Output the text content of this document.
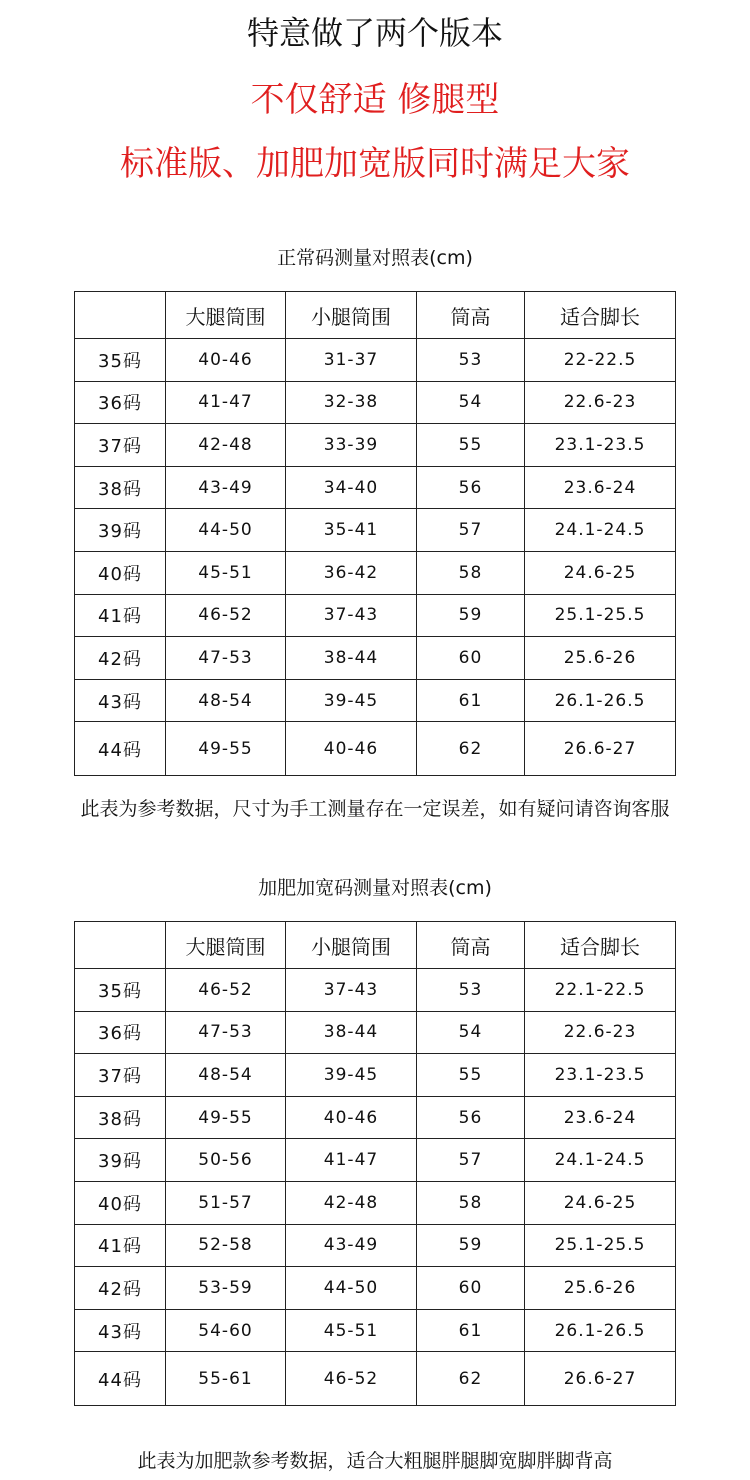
特意做了两个版本
不仅舒适 修腿型
标准版、加肥加宽版同时满足大家
正常码测量对照表(cm)
	大腿筒围	小腿筒围	筒高	适合脚长
35码	40-46	31-37	53	22-22.5
36码	41-47	32-38	54	22.6-23
37码	42-48	33-39	55	23.1-23.5
38码	43-49	34-40	56	23.6-24
39码	44-50	35-41	57	24.1-24.5
40码	45-51	36-42	58	24.6-25
41码	46-52	37-43	59	25.1-25.5
42码	47-53	38-44	60	25.6-26
43码	48-54	39-45	61	26.1-26.5
44码	49-55	40-46	62	26.6-27
此表为参考数据，尺寸为手工测量存在一定误差，如有疑问请咨询客服
加肥加宽码测量对照表(cm)
	大腿筒围	小腿筒围	筒高	适合脚长
35码	46-52	37-43	53	22.1-22.5
36码	47-53	38-44	54	22.6-23
37码	48-54	39-45	55	23.1-23.5
38码	49-55	40-46	56	23.6-24
39码	50-56	41-47	57	24.1-24.5
40码	51-57	42-48	58	24.6-25
41码	52-58	43-49	59	25.1-25.5
42码	53-59	44-50	60	25.6-26
43码	54-60	45-51	61	26.1-26.5
44码	55-61	46-52	62	26.6-27
此表为加肥款参考数据，适合大粗腿胖腿脚宽脚胖脚背高
